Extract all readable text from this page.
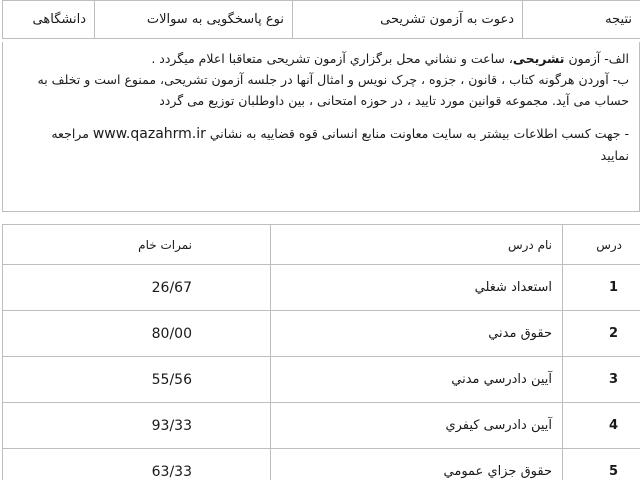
نتیجه	دعوت به آزمون تشریحی	نوع پاسخگویی به سوالات	دانشگاهی

الف- آزمون تشریحی، ساعت و نشاني محل برگزاري آزمون تشريحی متعاقبا اعلام ميگردد .

ب- آوردن هرگونه کتاب ، قانون ، جزوه ، چرک نویس و امثال آنها در جلسه آزمون تشریحی، ممنوع است و تخلف به

حساب می آید. مجموعه قوانین مورد تایید ، در حوزه امتحانی ، بین داوطلبان توزیع می گردد

- جهت کسب اطلاعات بیشتر به سایت معاونت منابع انسانی قوه قضاییه به نشاني www.qazahrm.ir مراجعه

نمایید

درس	نام درس	نمرات خام
1	استعداد شغلي	26/67
2	حقوق مدني	80/00
3	آيين دادرسي مدني	55/56
4	آيين دادرسی کيفري	93/33
5	حقوق جزاي عمومي	63/33
